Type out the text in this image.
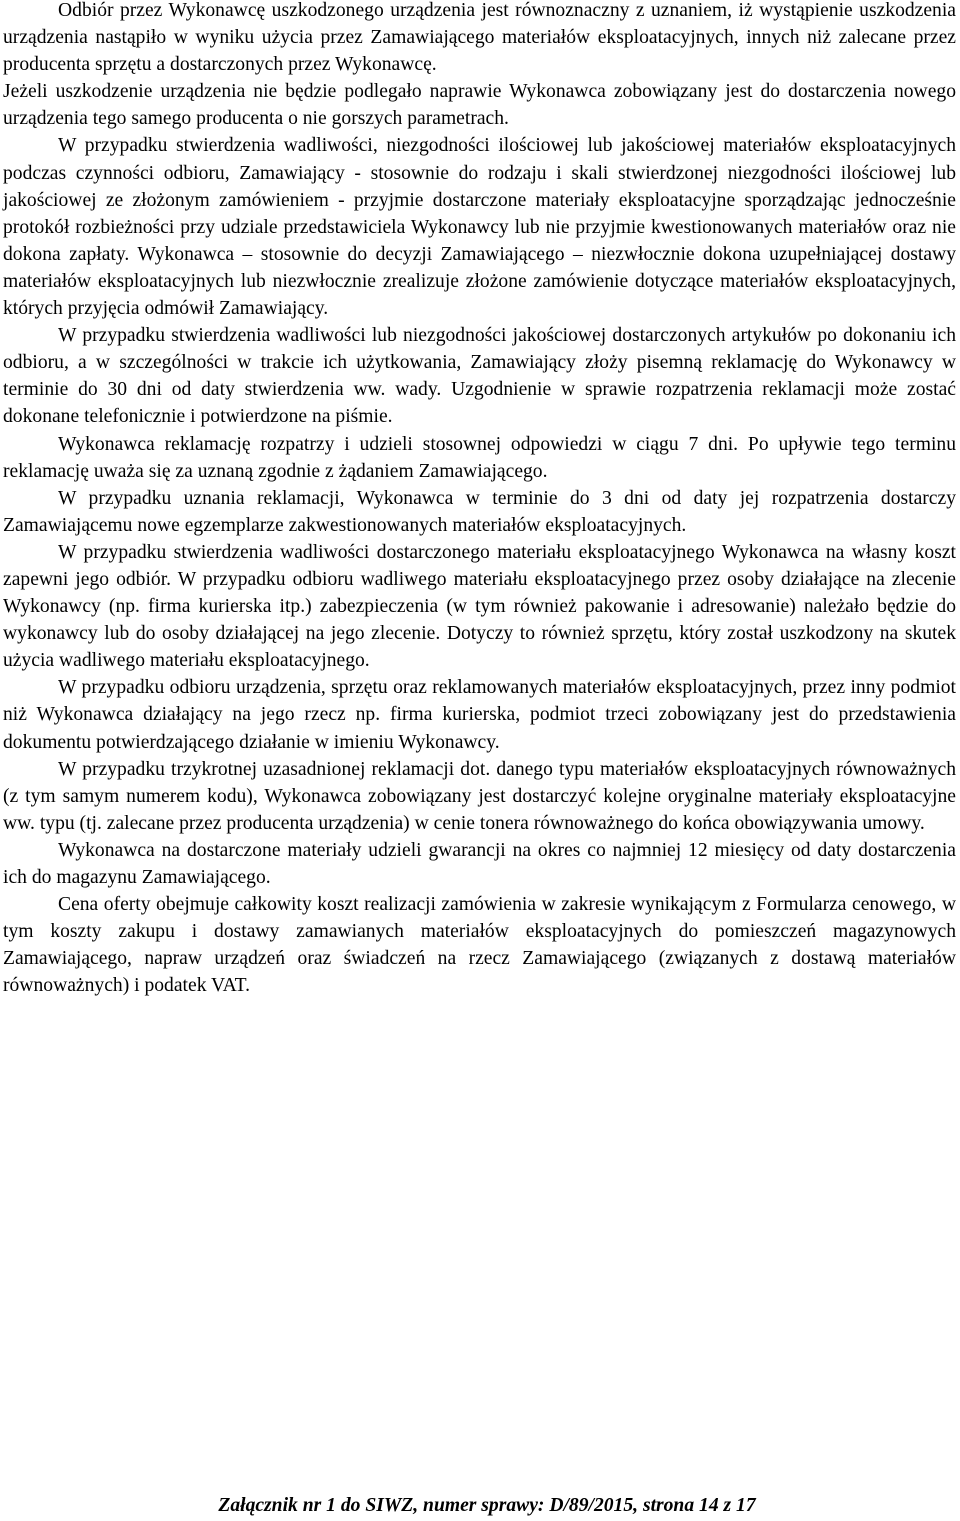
Odbiór przez Wykonawcę uszkodzonego urządzenia jest równoznaczny z uznaniem, iż wystąpienie uszkodzenia urządzenia nastąpiło w wyniku użycia przez Zamawiającego materiałów eksploatacyjnych, innych niż zalecane przez producenta sprzętu a dostarczonych przez Wykonawcę.

Jeżeli uszkodzenie urządzenia nie będzie podlegało naprawie Wykonawca zobowiązany jest do dostarczenia nowego urządzenia tego samego producenta o nie gorszych parametrach.

W przypadku stwierdzenia wadliwości, niezgodności ilościowej lub jakościowej materiałów eksploatacyjnych podczas czynności odbioru, Zamawiający - stosownie do rodzaju i skali stwierdzonej niezgodności ilościowej lub jakościowej ze złożonym zamówieniem - przyjmie dostarczone materiały eksploatacyjne sporządzając jednocześnie protokół rozbieżności przy udziale przedstawiciela Wykonawcy lub nie przyjmie kwestionowanych materiałów oraz nie dokona zapłaty. Wykonawca – stosownie do decyzji Zamawiającego – niezwłocznie dokona uzupełniającej dostawy materiałów eksploatacyjnych lub niezwłocznie zrealizuje złożone zamówienie dotyczące materiałów eksploatacyjnych, których przyjęcia odmówił Zamawiający.

W przypadku stwierdzenia wadliwości lub niezgodności jakościowej dostarczonych artykułów po dokonaniu ich odbioru, a w szczególności w trakcie ich użytkowania, Zamawiający złoży pisemną reklamację do Wykonawcy w terminie do 30 dni od daty stwierdzenia ww. wady. Uzgodnienie w sprawie rozpatrzenia reklamacji może zostać dokonane telefonicznie i potwierdzone na piśmie.

Wykonawca reklamację rozpatrzy i udzieli stosownej odpowiedzi w ciągu 7 dni. Po upływie tego terminu reklamację uważa się za uznaną zgodnie z żądaniem Zamawiającego.

W przypadku uznania reklamacji, Wykonawca w terminie do 3 dni od daty jej rozpatrzenia dostarczy Zamawiającemu nowe egzemplarze zakwestionowanych materiałów eksploatacyjnych.

W przypadku stwierdzenia wadliwości dostarczonego materiału eksploatacyjnego Wykonawca na własny koszt zapewni jego odbiór. W przypadku odbioru wadliwego materiału eksploatacyjnego przez osoby działające na zlecenie Wykonawcy (np. firma kurierska itp.) zabezpieczenia (w tym również pakowanie i adresowanie) należało będzie do wykonawcy lub do osoby działającej na jego zlecenie. Dotyczy to również sprzętu, który został uszkodzony na skutek użycia wadliwego materiału eksploatacyjnego.

W przypadku odbioru urządzenia, sprzętu oraz reklamowanych materiałów eksploatacyjnych, przez inny podmiot niż Wykonawca działający na jego rzecz np. firma kurierska, podmiot trzeci zobowiązany jest do przedstawienia dokumentu potwierdzającego działanie w imieniu Wykonawcy.

W przypadku trzykrotnej uzasadnionej reklamacji dot. danego typu materiałów eksploatacyjnych równoważnych (z tym samym numerem kodu), Wykonawca zobowiązany jest dostarczyć kolejne oryginalne materiały eksploatacyjne ww. typu (tj. zalecane przez producenta urządzenia) w cenie tonera równoważnego do końca obowiązywania umowy.

Wykonawca na dostarczone materiały udzieli gwarancji na okres co najmniej 12 miesięcy od daty dostarczenia ich do magazynu Zamawiającego.

Cena oferty obejmuje całkowity koszt realizacji zamówienia w zakresie wynikającym z Formularza cenowego, w tym koszty zakupu i dostawy zamawianych materiałów eksploatacyjnych do pomieszczeń magazynowych Zamawiającego, napraw urządzeń oraz świadczeń na rzecz Zamawiającego (związanych z dostawą materiałów równoważnych) i podatek VAT.

Załącznik nr 1 do SIWZ, numer sprawy: D/89/2015, strona 14 z 17
